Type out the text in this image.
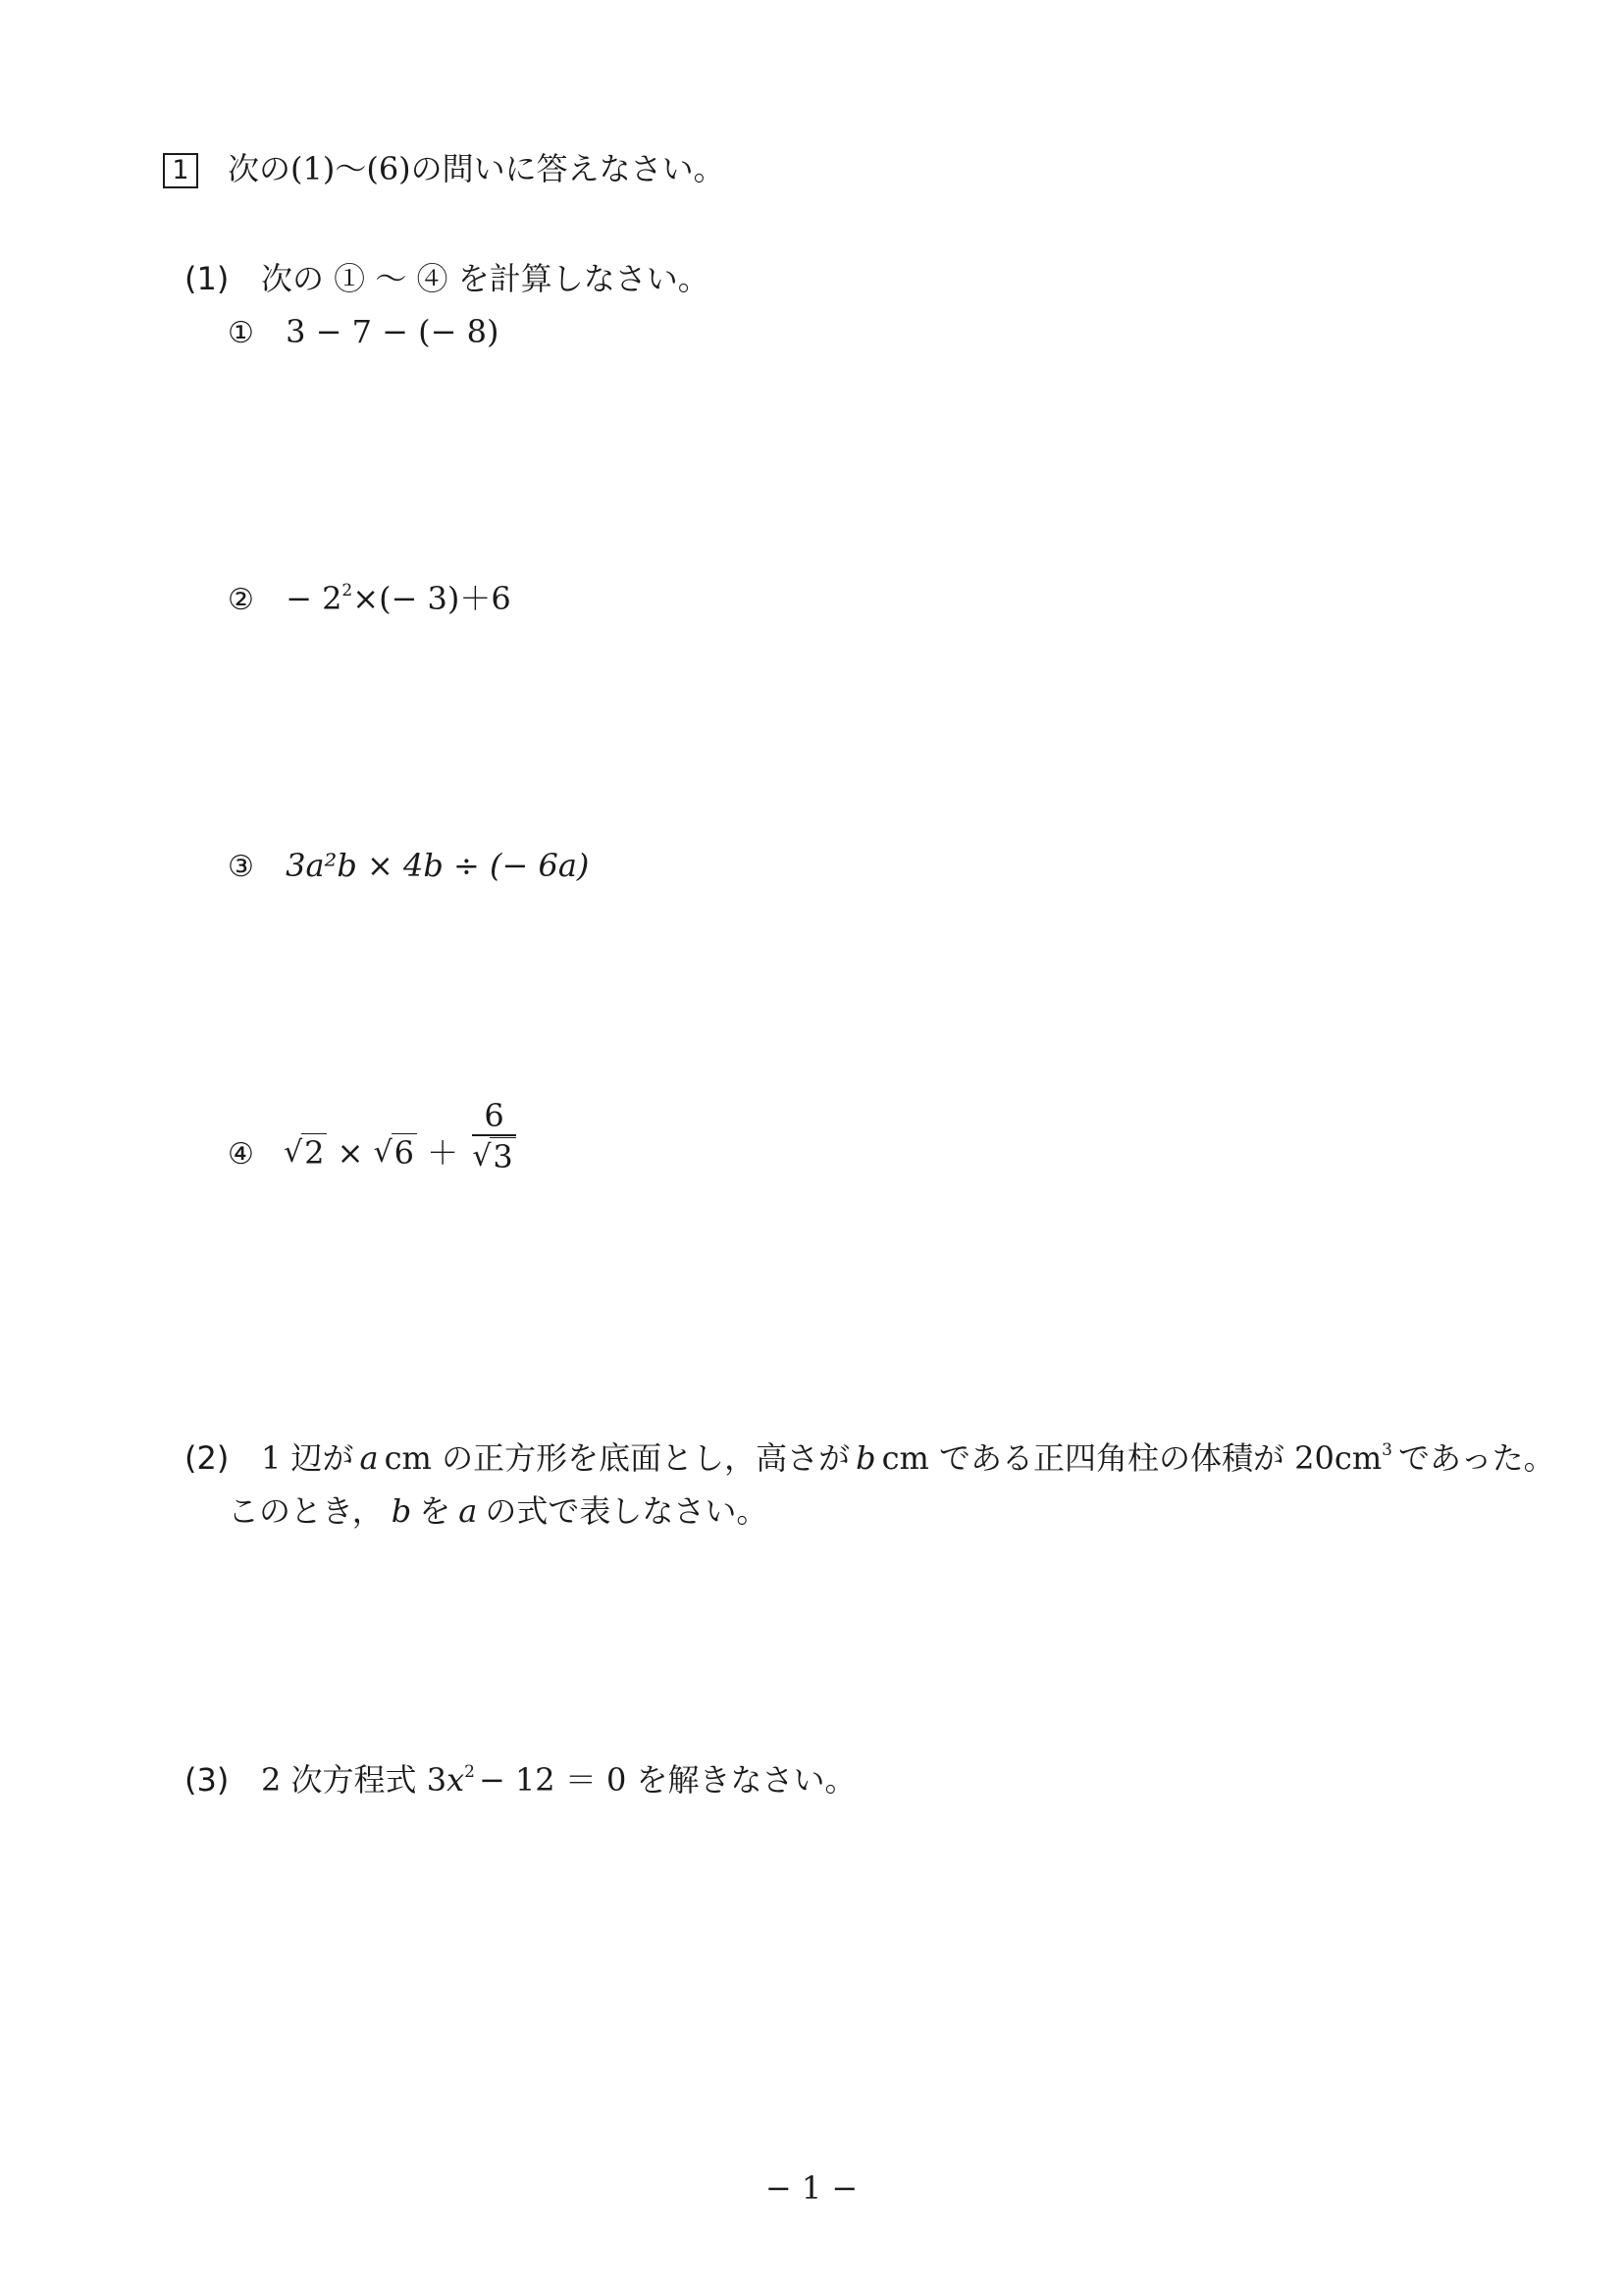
1 次の(1)〜(6)の問いに答えなさい。
(1) 次の ① 〜 ④ を計算しなさい。
① 3 − 7 − (− 8)
② − $2^2\times(- 3)+6$
③ 3a²b × 4b ÷ (− 6a)
④ √ 2 × √ $6 + \frac{6}{√ 3}$
(2) 1 辺が a cm の正方形を底面とし，高さが b cm である正四角柱の体積が $20cm^3$ であった。
このとき， b を a の式で表しなさい。
(3) 2 次方程式 $3x^2 - 12 = 0$ を解きなさい。
− 1 −
